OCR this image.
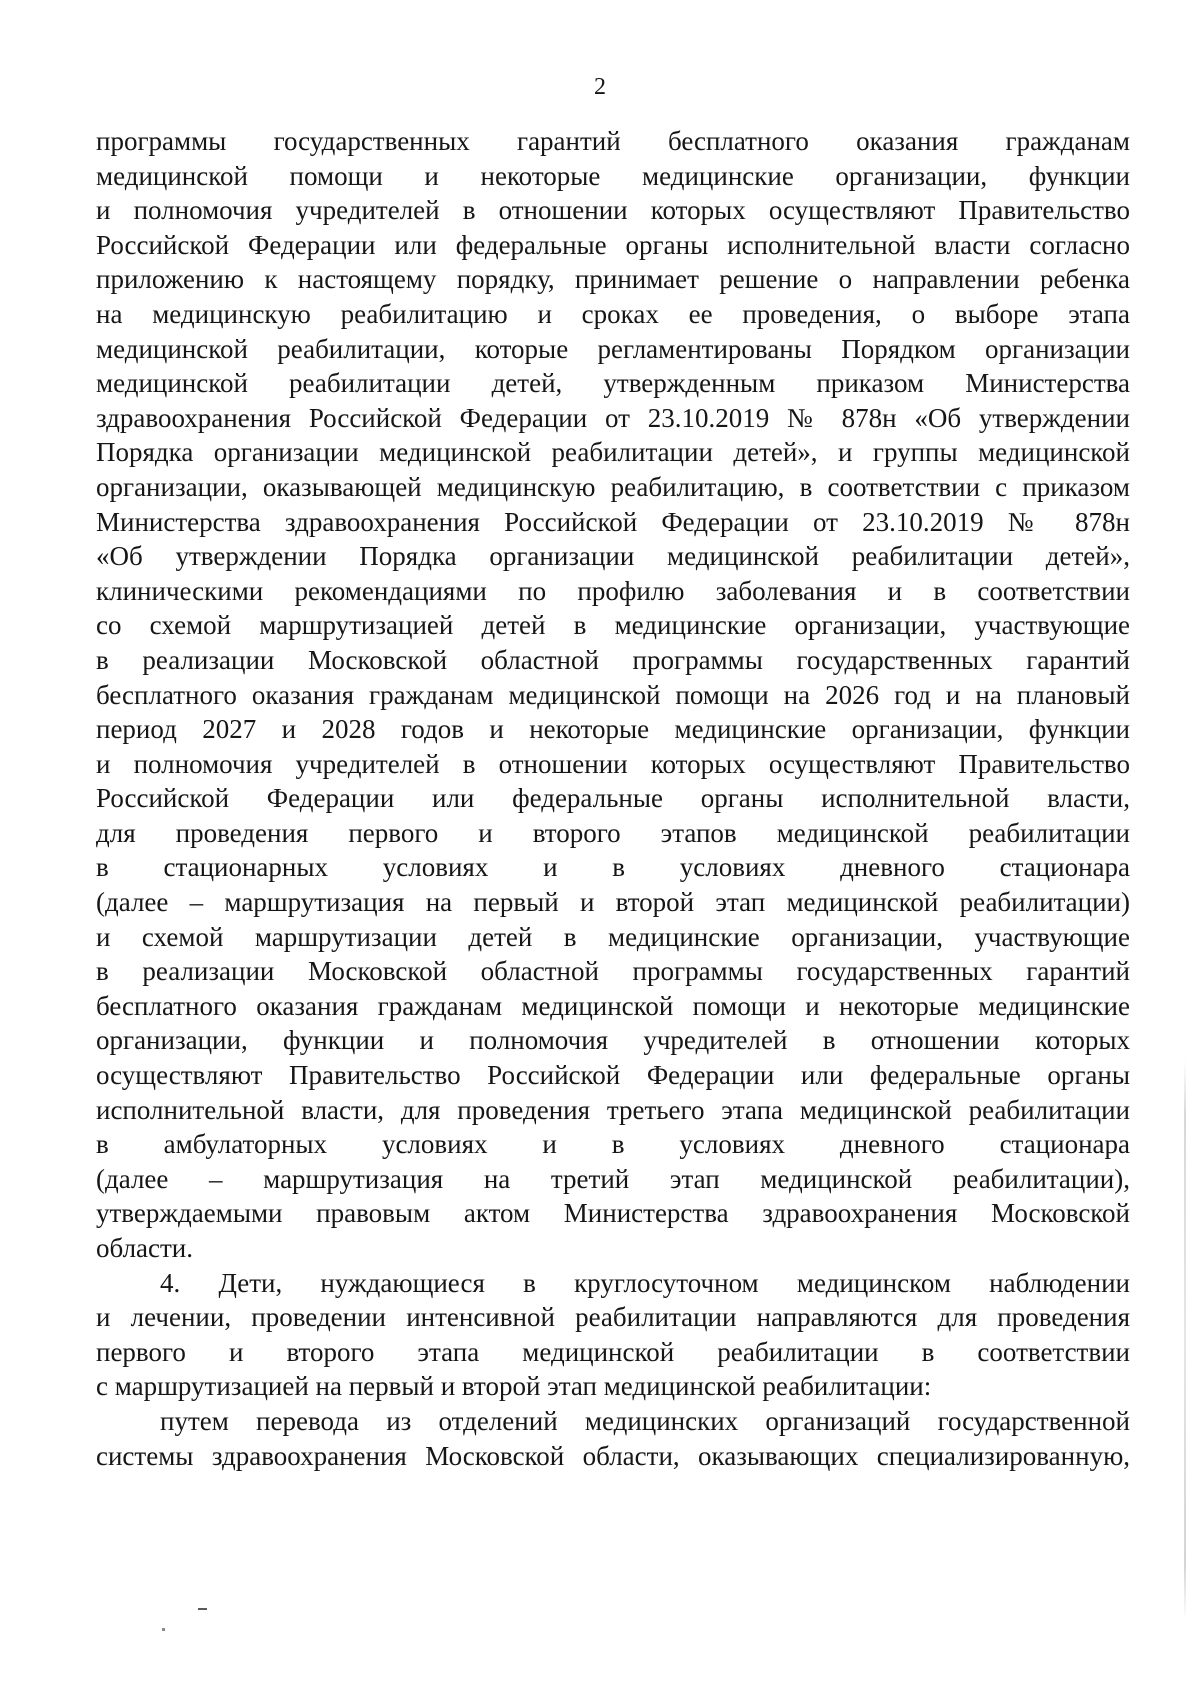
2
программы государственных гарантий бесплатного оказания гражданам
медицинской помощи и некоторые медицинские организации, функции
и полномочия учредителей в отношении которых осуществляют Правительство
Российской Федерации или федеральные органы исполнительной власти согласно
приложению к настоящему порядку, принимает решение о направлении ребенка
на медицинскую реабилитацию и сроках ее проведения, о выборе этапа
медицинской реабилитации, которые регламентированы Порядком организации
медицинской реабилитации детей, утвержденным приказом Министерства
здравоохранения Российской Федерации от 23.10.2019 № 878н «Об утверждении
Порядка организации медицинской реабилитации детей», и группы медицинской
организации, оказывающей медицинскую реабилитацию, в соответствии с приказом
Министерства здравоохранения Российской Федерации от 23.10.2019 № 878н
«Об утверждении Порядка организации медицинской реабилитации детей»,
клиническими рекомендациями по профилю заболевания и в соответствии
со схемой маршрутизацией детей в медицинские организации, участвующие
в реализации Московской областной программы государственных гарантий
бесплатного оказания гражданам медицинской помощи на 2026 год и на плановый
период 2027 и 2028 годов и некоторые медицинские организации, функции
и полномочия учредителей в отношении которых осуществляют Правительство
Российской Федерации или федеральные органы исполнительной власти,
для проведения первого и второго этапов медицинской реабилитации
в стационарных условиях и в условиях дневного стационара
(далее – маршрутизация на первый и второй этап медицинской реабилитации)
и схемой маршрутизации детей в медицинские организации, участвующие
в реализации Московской областной программы государственных гарантий
бесплатного оказания гражданам медицинской помощи и некоторые медицинские
организации, функции и полномочия учредителей в отношении которых
осуществляют Правительство Российской Федерации или федеральные органы
исполнительной власти, для проведения третьего этапа медицинской реабилитации
в амбулаторных условиях и в условиях дневного стационара
(далее – маршрутизация на третий этап медицинской реабилитации),
утверждаемыми правовым актом Министерства здравоохранения Московской
области.
4. Дети, нуждающиеся в круглосуточном медицинском наблюдении
и лечении, проведении интенсивной реабилитации направляются для проведения
первого и второго этапа медицинской реабилитации в соответствии
с маршрутизацией на первый и второй этап медицинской реабилитации:
путем перевода из отделений медицинских организаций государственной
системы здравоохранения Московской области, оказывающих специализированную,
